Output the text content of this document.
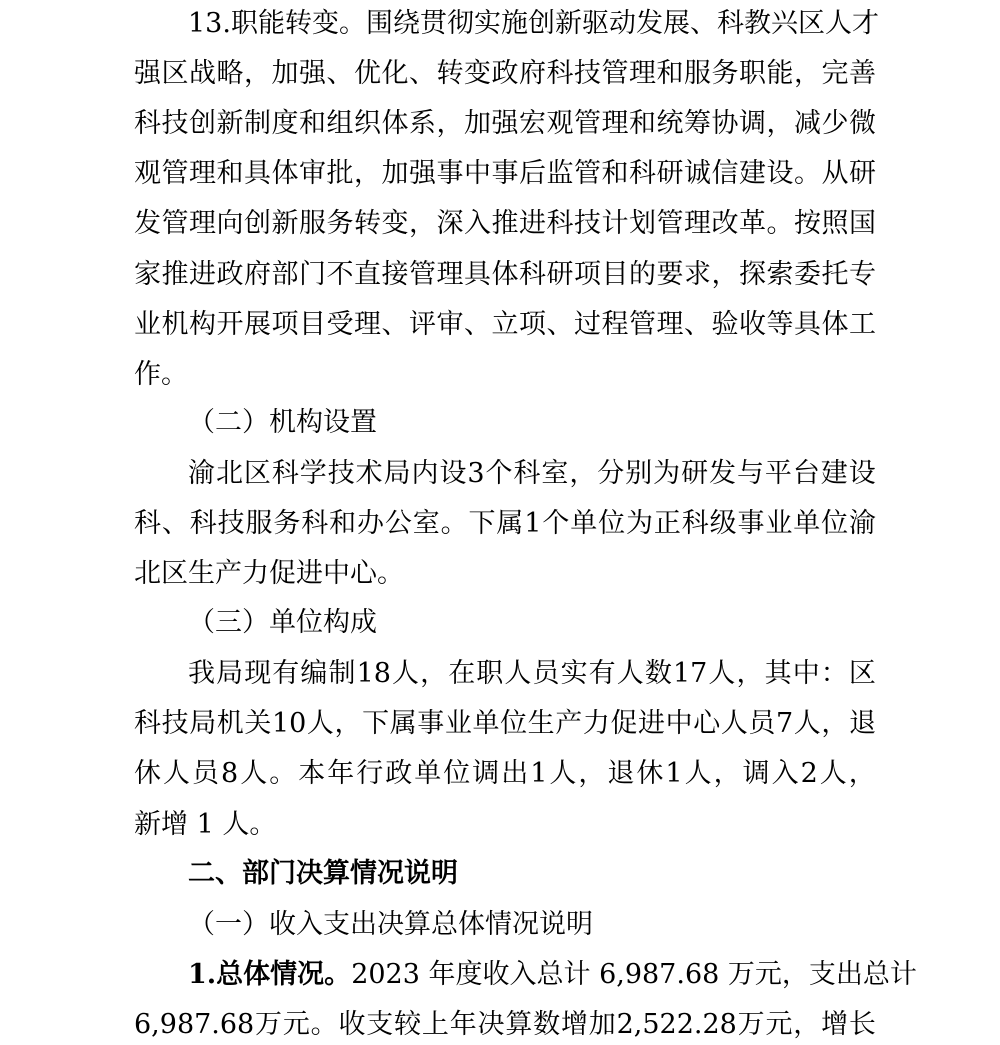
13. 职 能 转 变 。 围 绕 贯 彻 实 施 创 新 驱 动 发 展 、 科 教 兴 区 人 才
强 区 战 略 ， 加 强 、 优 化 、 转 变 政 府 科 技 管 理 和 服 务 职 能 ， 完 善
科 技 创 新 制 度 和 组 织 体 系 ， 加 强 宏 观 管 理 和 统 筹 协 调 ， 减 少 微
观 管 理 和 具 体 审 批 ， 加 强 事 中 事 后 监 管 和 科 研 诚 信 建 设 。 从 研
发 管 理 向 创 新 服 务 转 变 ， 深 入 推 进 科 技 计 划 管 理 改 革 。 按 照 国
家 推 进 政 府 部 门 不 直 接 管 理 具 体 科 研 项 目 的 要 求 ， 探 索 委 托 专
业 机 构 开 展 项 目 受 理 、 评 审 、 立 项 、 过 程 管 理 、 验 收 等 具 体 工
作。
（二）机构设置
渝 北 区 科 学 技 术 局 内 设 3 个 科 室 ， 分 别 为 研 发 与 平 台 建 设
科 、 科 技 服 务 科 和 办 公 室 。 下 属 1 个 单 位 为 正 科 级 事 业 单 位 渝
北区生产力促进中心。
（三）单位构成
我 局 现 有 编 制 18 人 ， 在 职 人 员 实 有 人 数 17 人 ， 其 中 ： 区
科 技 局 机 关 10 人 ， 下 属 事 业 单 位 生 产 力 促 进 中 心 人 员 7 人 ， 退
休 人 员 8 人 。 本 年 行 政 单 位 调 出 1 人 ， 退 休 1 人 ， 调 入 2 人 ，
新增 1 人。
二、部门决算情况说明
（一）收入支出决算总体情况说明
1.总体情况。 2023 年度收入总计 6,987.68 万元，支出总计
6,987.68 万 元 。 收 支 较 上 年 决 算 数 增 加 2,522.28 万 元 ， 增 长
